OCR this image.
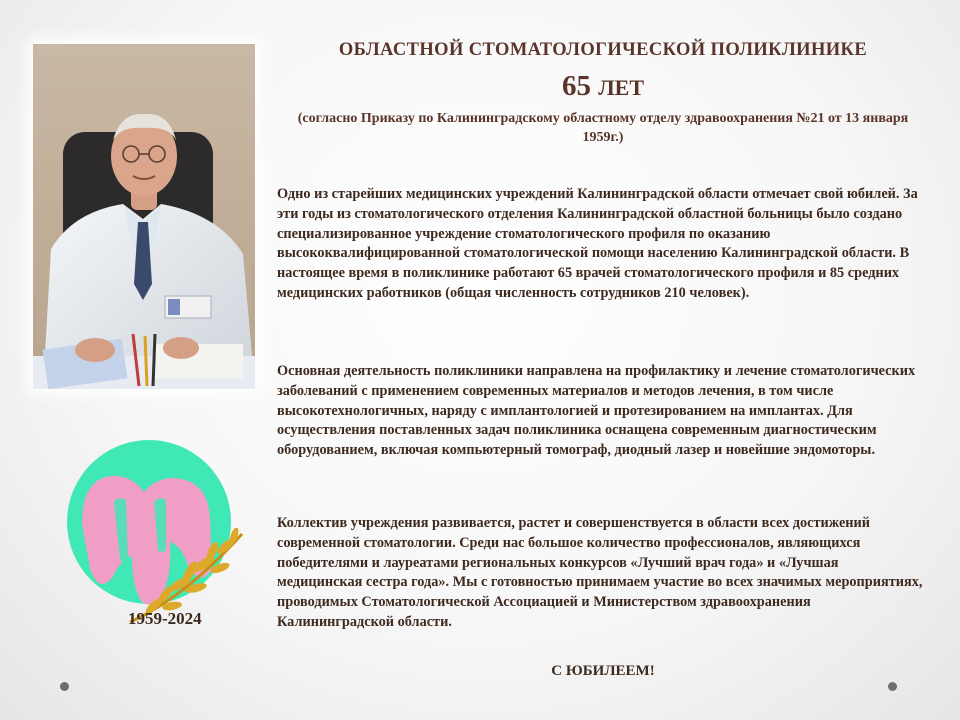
1959-2024

ОБЛАСТНОЙ СТОМАТОЛОГИЧЕСКОЙ ПОЛИКЛИНИКЕ

65 ЛЕТ

(согласно Приказу по Калининградскому областному отделу здравоохранения №21 от 13 января 1959г.)

Одно из старейших медицинских учреждений Калининградской области отмечает свой юбилей. За эти годы из стоматологического отделения Калининградской областной больницы было создано специализированное учреждение стоматологического профиля по оказанию высококвалифицированной стоматологической помощи населению Калининградской области. В настоящее время в поликлинике работают 65 врачей стоматологического профиля и 85 средних медицинских работников (общая численность сотрудников 210 человек).

Основная деятельность поликлиники направлена на профилактику и лечение стоматологических заболеваний с применением современных материалов и методов лечения, в том числе высокотехнологичных, наряду с имплантологией и протезированием на имплантах. Для осуществления поставленных задач поликлиника оснащена современным диагностическим оборудованием, включая компьютерный томограф, диодный лазер и новейшие эндомоторы.

Коллектив учреждения развивается, растет и совершенствуется в области всех достижений современной стоматологии. Среди нас большое количество профессионалов, являющихся победителями и лауреатами региональных конкурсов «Лучший врач года» и «Лучшая медицинская сестра года». Мы с готовностью принимаем участие во всех значимых мероприятиях, проводимых Стоматологической Ассоциацией и Министерством здравоохранения Калининградской области.

С ЮБИЛЕЕМ!
